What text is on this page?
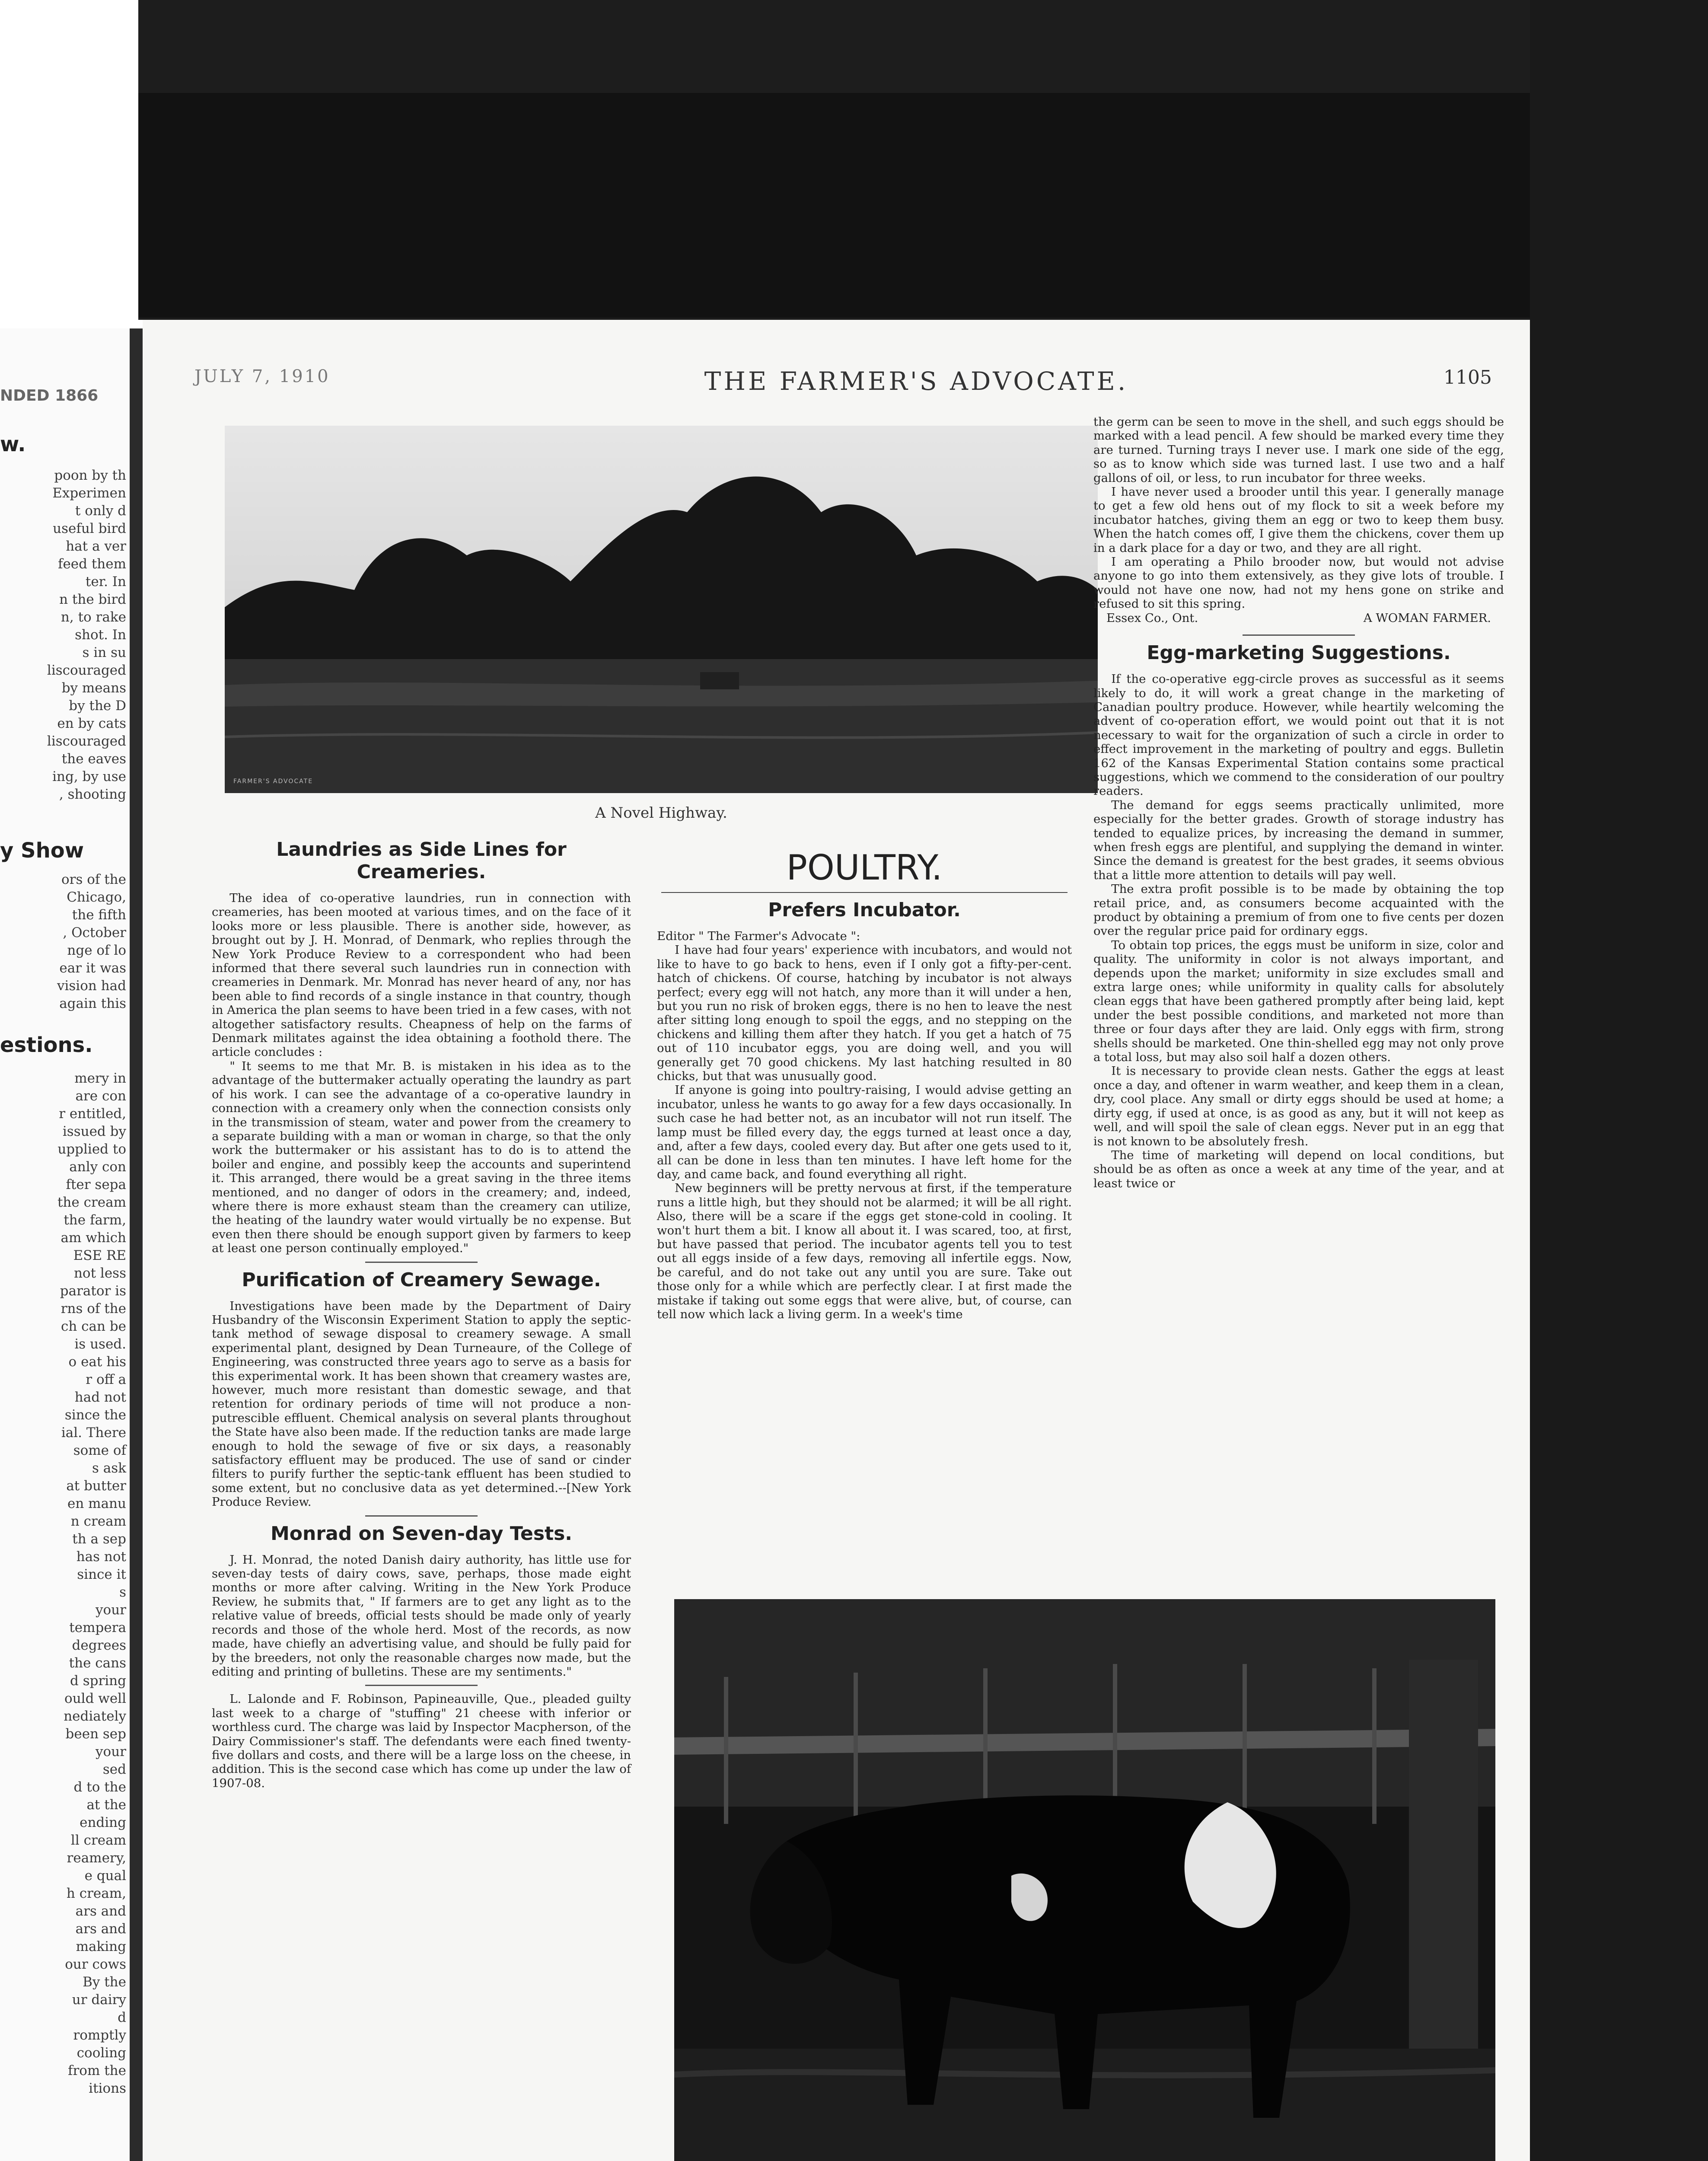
NDED 1866
w.
y Show
estions.
poon by th
Experimen
t only d
useful bird
hat a ver
feed them
ter. In
n the bird
n, to rake
shot. In
s in su
liscouraged
by means
by the D
en by cats
liscouraged
the eaves
ing, by use
, shooting
ors of the
Chicago,
the fifth
, October
nge of lo
ear it was
vision had
again this
mery in
are con
r entitled,
issued by
upplied to
anly con
fter sepa
the cream
the farm,
am which
ESE RE
not less
parator is
rns of the
ch can be
is used.
o eat his
r off a
had not
since the
ial. There
some of
s ask
at butter
en manu
n cream
th a sep
has not
since it
s
your
tempera
degrees
the cans
d spring
ould well
nediately
been sep
your
sed
d to the
at the
ending
ll cream
reamery,
e qual
h cream,
ars and
ars and
making
our cows
By the
ur dairy
d
romptly
cooling
from the
itions
JULY 7, 1910	THE FARMER'S ADVOCATE.	1105
FARMER'S ADVOCATE
A Novel Highway.
Laundries as Side Lines for Creameries.

The idea of co-operative laundries, run in connection with creameries, has been mooted at various times, and on the face of it looks more or less plausible. There is another side, however, as brought out by J. H. Monrad, of Denmark, who replies through the New York Produce Review to a correspondent who had been informed that there several such laundries run in connection with creameries in Denmark. Mr. Monrad has never heard of any, nor has been able to find records of a single instance in that country, though in America the plan seems to have been tried in a few cases, with not altogether satisfactory results. Cheapness of help on the farms of Denmark militates against the idea obtaining a foothold there. The article concludes :

" It seems to me that Mr. B. is mistaken in his idea as to the advantage of the buttermaker actually operating the laundry as part of his work. I can see the advantage of a co-operative laundry in connection with a creamery only when the connection consists only in the transmission of steam, water and power from the creamery to a separate building with a man or woman in charge, so that the only work the buttermaker or his assistant has to do is to attend the boiler and engine, and possibly keep the accounts and superintend it. This arranged, there would be a great saving in the three items mentioned, and no danger of odors in the creamery; and, indeed, where there is more exhaust steam than the creamery can utilize, the heating of the laundry water would virtually be no expense. But even then there should be enough support given by farmers to keep at least one person continually employed."

Purification of Creamery Sewage.

Investigations have been made by the Department of Dairy Husbandry of the Wisconsin Experiment Station to apply the septic-tank method of sewage disposal to creamery sewage. A small experimental plant, designed by Dean Turneaure, of the College of Engineering, was constructed three years ago to serve as a basis for this experimental work. It has been shown that creamery wastes are, however, much more resistant than domestic sewage, and that retention for ordinary periods of time will not produce a non-putrescible effluent. Chemical analysis on several plants throughout the State have also been made. If the reduction tanks are made large enough to hold the sewage of five or six days, a reasonably satisfactory effluent may be produced. The use of sand or cinder filters to purify further the septic-tank effluent has been studied to some extent, but no conclusive data as yet determined.--[New York Produce Review.

Monrad on Seven-day Tests.

J. H. Monrad, the noted Danish dairy authority, has little use for seven-day tests of dairy cows, save, perhaps, those made eight months or more after calving. Writing in the New York Produce Review, he submits that, " If farmers are to get any light as to the relative value of breeds, official tests should be made only of yearly records and those of the whole herd. Most of the records, as now made, have chiefly an advertising value, and should be fully paid for by the breeders, not only the reasonable charges now made, but the editing and printing of bulletins. These are my sentiments."

L. Lalonde and F. Robinson, Papineauville, Que., pleaded guilty last week to a charge of "stuffing" 21 cheese with inferior or worthless curd. The charge was laid by Inspector Macpherson, of the Dairy Commissioner's staff. The defendants were each fined twenty-five dollars and costs, and there will be a large loss on the cheese, in addition. This is the second case which has come up under the law of 1907-08.

POULTRY.
Prefers Incubator.

Editor " The Farmer's Advocate ":

I have had four years' experience with incubators, and would not like to have to go back to hens, even if I only got a fifty-per-cent. hatch of chickens. Of course, hatching by incubator is not always perfect; every egg will not hatch, any more than it will under a hen, but you run no risk of broken eggs, there is no hen to leave the nest after sitting long enough to spoil the eggs, and no stepping on the chickens and killing them after they hatch. If you get a hatch of 75 out of 110 incubator eggs, you are doing well, and you will generally get 70 good chickens. My last hatching resulted in 80 chicks, but that was unusually good.

If anyone is going into poultry-raising, I would advise getting an incubator, unless he wants to go away for a few days occasionally. In such case he had better not, as an incubator will not run itself. The lamp must be filled every day, the eggs turned at least once a day, and, after a few days, cooled every day. But after one gets used to it, all can be done in less than ten minutes. I have left home for the day, and came back, and found everything all right.

New beginners will be pretty nervous at first, if the temperature runs a little high, but they should not be alarmed; it will be all right. Also, there will be a scare if the eggs get stone-cold in cooling. It won't hurt them a bit. I know all about it. I was scared, too, at first, but have passed that period. The incubator agents tell you to test out all eggs inside of a few days, removing all infertile eggs. Now, be careful, and do not take out any until you are sure. Take out those only for a while which are perfectly clear. I at first made the mistake if taking out some eggs that were alive, but, of course, can tell now which lack a living germ. In a week's time

the germ can be seen to move in the shell, and such eggs should be marked with a lead pencil. A few should be marked every time they are turned. Turning trays I never use. I mark one side of the egg, so as to know which side was turned last. I use two and a half gallons of oil, or less, to run incubator for three weeks.

I have never used a brooder until this year. I generally manage to get a few old hens out of my flock to sit a week before my incubator hatches, giving them an egg or two to keep them busy. When the hatch comes off, I give them the chickens, cover them up in a dark place for a day or two, and they are all right.

I am operating a Philo brooder now, but would not advise anyone to go into them extensively, as they give lots of trouble. I would not have one now, had not my hens gone on strike and refused to sit this spring.

Essex Co., Ont.	A WOMAN FARMER.
Egg-marketing Suggestions.

If the co-operative egg-circle proves as successful as it seems likely to do, it will work a great change in the marketing of Canadian poultry produce. However, while heartily welcoming the advent of co-operation effort, we would point out that it is not necessary to wait for the organization of such a circle in order to effect improvement in the marketing of poultry and eggs. Bulletin 162 of the Kansas Experimental Station contains some practical suggestions, which we commend to the consideration of our poultry readers.

The demand for eggs seems practically unlimited, more especially for the better grades. Growth of storage industry has tended to equalize prices, by increasing the demand in summer, when fresh eggs are plentiful, and supplying the demand in winter. Since the demand is greatest for the best grades, it seems obvious that a little more attention to details will pay well.

The extra profit possible is to be made by obtaining the top retail price, and, as consumers become acquainted with the product by obtaining a premium of from one to five cents per dozen over the regular price paid for ordinary eggs.

To obtain top prices, the eggs must be uniform in size, color and quality. The uniformity in color is not always important, and depends upon the market; uniformity in size excludes small and extra large ones; while uniformity in quality calls for absolutely clean eggs that have been gathered promptly after being laid, kept under the best possible conditions, and marketed not more than three or four days after they are laid. Only eggs with firm, strong shells should be marketed. One thin-shelled egg may not only prove a total loss, but may also soil half a dozen others.

It is necessary to provide clean nests. Gather the eggs at least once a day, and oftener in warm weather, and keep them in a clean, dry, cool place. Any small or dirty eggs should be used at home; a dirty egg, if used at once, is as good as any, but it will not keep as well, and will spoil the sale of clean eggs. Never put in an egg that is not known to be absolutely fresh.

The time of marketing will depend on local conditions, but should be as often as once a week at any time of the year, and at least twice or
